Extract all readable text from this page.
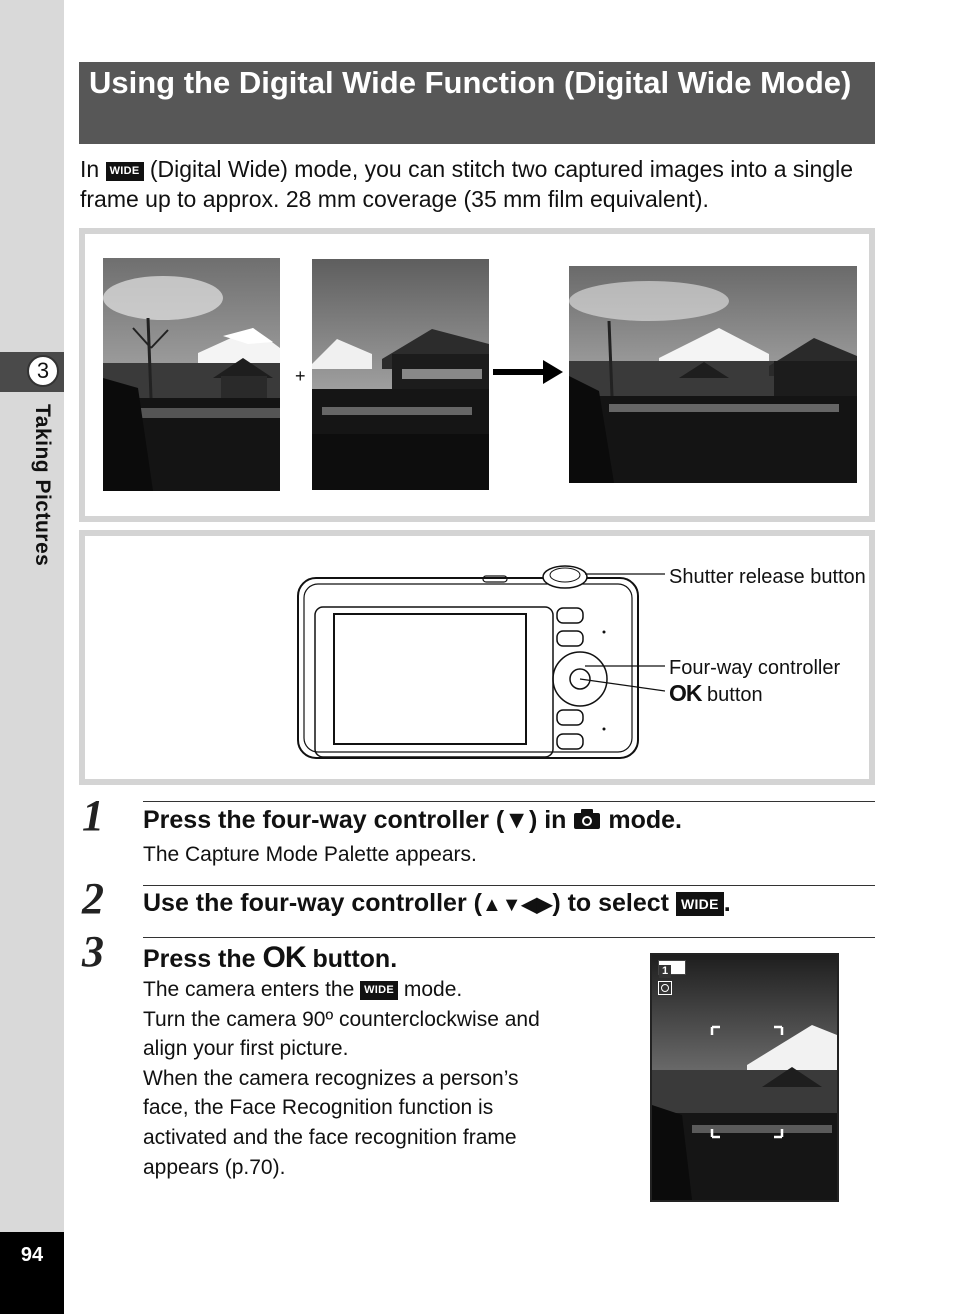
3
Taking Pictures
94
Using the Digital Wide Function (Digital Wide Mode)
In WIDE (Digital Wide) mode, you can stitch two captured images into a single frame up to approx. 28 mm coverage (35 mm film equivalent).
+
Shutter release button
Four-way controller
OK button
1 Press the four-way controller (▼) in  mode.
The Capture Mode Palette appears.
2 Use the four-way controller (▲▼◀▶) to select WIDE .
3 Press the OK button.
The camera enters the WIDE mode.
Turn the camera 90º counterclockwise and
align your first picture.
When the camera recognizes a person’s
face, the Face Recognition function is
activated and the face recognition frame
appears (p.70).
1
